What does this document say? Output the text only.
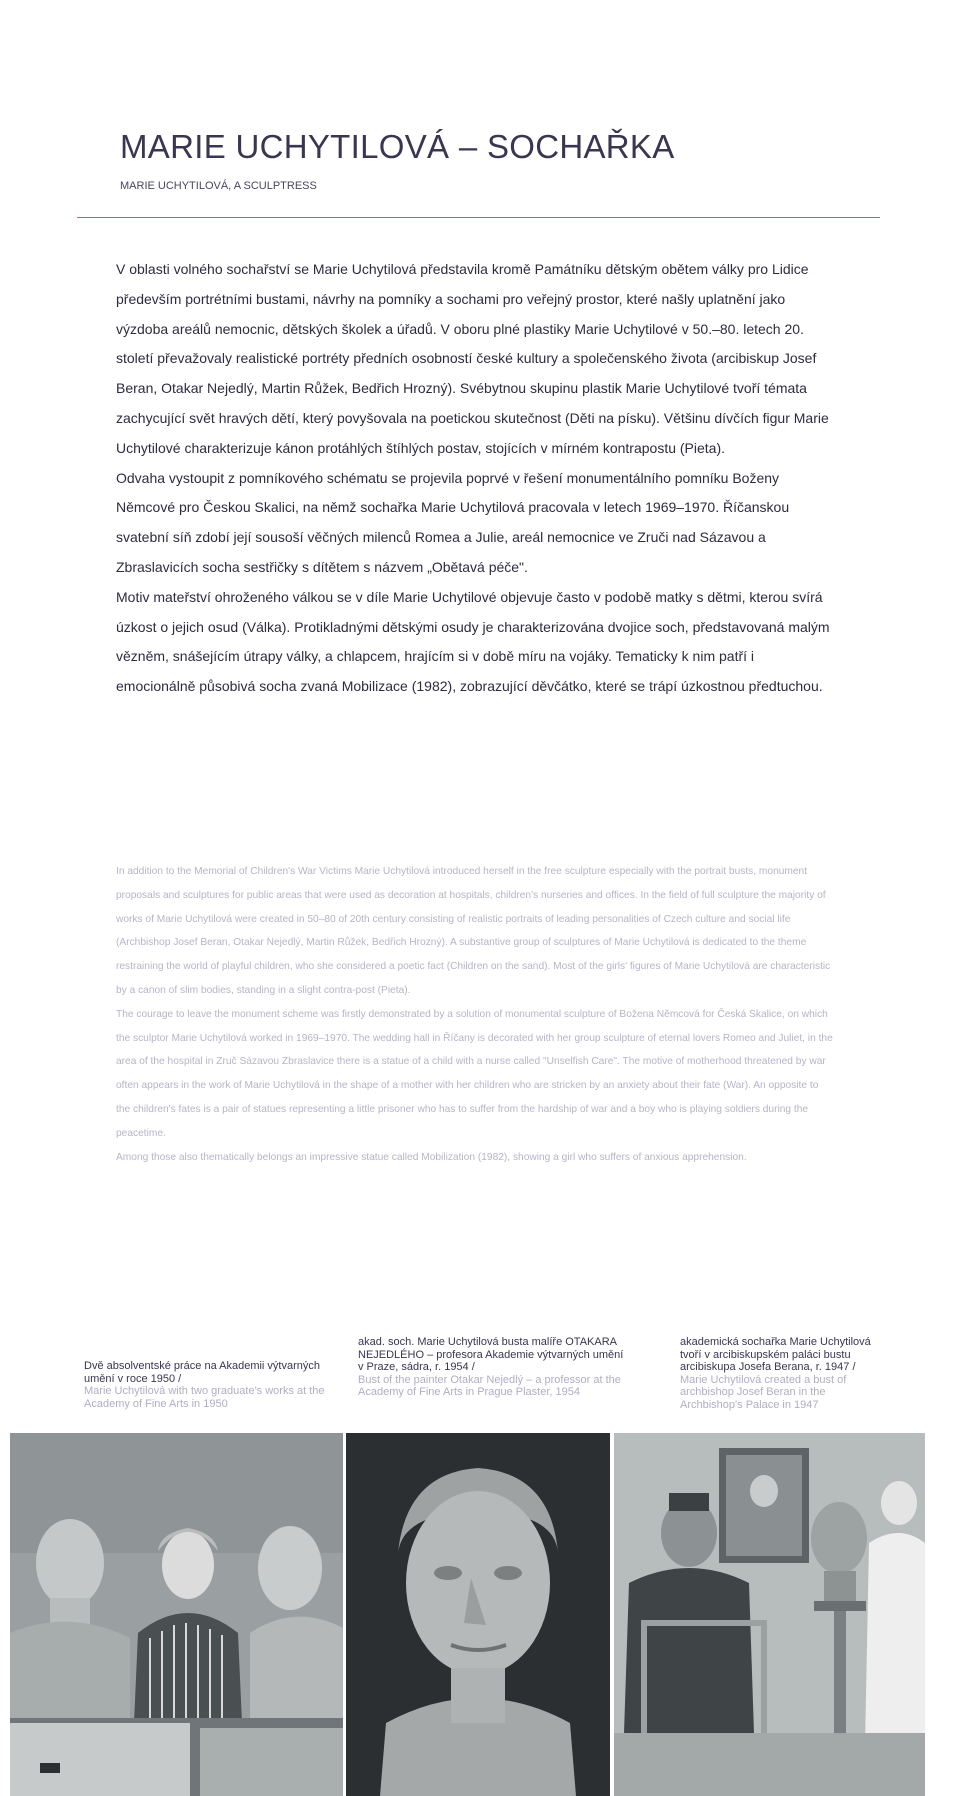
MARIE UCHYTILOVÁ – SOCHAŘKA

MARIE UCHYTILOVÁ, A SCULPTRESS

V oblasti volného sochařství se Marie Uchytilová představila kromě Památníku dětským obětem války pro Lidice především portrétními bustami, návrhy na pomníky a sochami pro veřejný prostor, které našly uplatnění jako výzdoba areálů nemocnic, dětských školek a úřadů. V oboru plné plastiky Marie Uchytilové v 50.–80. letech 20. století převažovaly realistické portréty předních osobností české kultury a společenského života (arcibiskup Josef Beran, Otakar Nejedlý, Martin Růžek, Bedřich Hrozný). Svébytnou skupinu plastik Marie Uchytilové tvoří témata zachycující svět hravých dětí, který povyšovala na poetickou skutečnost (Děti na písku). Většinu dívčích figur Marie Uchytilové charakterizuje kánon protáhlých štíhlých postav, stojících v mírném kontrapostu (Pieta).

Odvaha vystoupit z pomníkového schématu se projevila poprvé v řešení monumentálního pomníku Boženy Němcové pro Českou Skalici, na němž sochařka Marie Uchytilová pracovala v letech 1969–1970. Říčanskou svatební síň zdobí její sousoší věčných milenců Romea a Julie, areál nemocnice ve Zruči nad Sázavou a Zbraslavicích socha sestřičky s dítětem s názvem „Obětavá péče".

Motiv mateřství ohroženého válkou se v díle Marie Uchytilové objevuje často v podobě matky s dětmi, kterou svírá úzkost o jejich osud (Válka). Protikladnými dětskými osudy je charakterizována dvojice soch, představovaná malým vězněm, snášejícím útrapy války, a chlapcem, hrajícím si v době míru na vojáky. Tematicky k nim patří i emocionálně působivá socha zvaná Mobilizace (1982), zobrazující děvčátko, které se trápí úzkostnou předtuchou.

In addition to the Memorial of Children's War Victims Marie Uchytilová introduced herself in the free sculpture especially with the portrait busts, monument proposals and sculptures for public areas that were used as decoration at hospitals, children's nurseries and offices. In the field of full sculpture the majority of works of Marie Uchytilová were created in 50–80 of 20th century consisting of realistic portraits of leading personalities of Czech culture and social life (Archbishop Josef Beran, Otakar Nejedlý, Martin Růžek, Bedřich Hrozný). A substantive group of sculptures of Marie Uchytilová is dedicated to the theme restraining the world of playful children, who she considered a poetic fact (Children on the sand). Most of the girls' figures of Marie Uchytilová are characteristic by a canon of slim bodies, standing in a slight contra-post (Pieta).

The courage to leave the monument scheme was firstly demonstrated by a solution of monumental sculpture of Božena Němcová for Česká Skalice, on which the sculptor Marie Uchytilová worked in 1969–1970. The wedding hall in Říčany is decorated with her group sculpture of eternal lovers Romeo and Juliet, in the area of the hospital in Zruč Sázavou Zbraslavice there is a statue of a child with a nurse called "Unselfish Care". The motive of motherhood threatened by war often appears in the work of Marie Uchytilová in the shape of a mother with her children who are stricken by an anxiety about their fate (War). An opposite to the children's fates is a pair of statues representing a little prisoner who has to suffer from the hardship of war and a boy who is playing soldiers during the peacetime.

Among those also thematically belongs an impressive statue called Mobilization (1982), showing a girl who suffers of anxious apprehension.

Dvě absolventské práce na Akademii výtvarných umění v roce 1950 /
Marie Uchytilová with two graduate's works at the Academy of Fine Arts in 1950
akad. soch. Marie Uchytilová busta malíře OTAKARA NEJEDLÉHO – profesora Akademie výtvarných umění v Praze, sádra, r. 1954 /
Bust of the painter Otakar Nejedlý – a professor at the Academy of Fine Arts in Prague Plaster, 1954
akademická sochařka Marie Uchytilová tvoří v arcibiskupském paláci bustu arcibiskupa Josefa Berana, r. 1947 /
Marie Uchytilová created a bust of archbishop Josef Beran in the Archbishop's Palace in 1947
